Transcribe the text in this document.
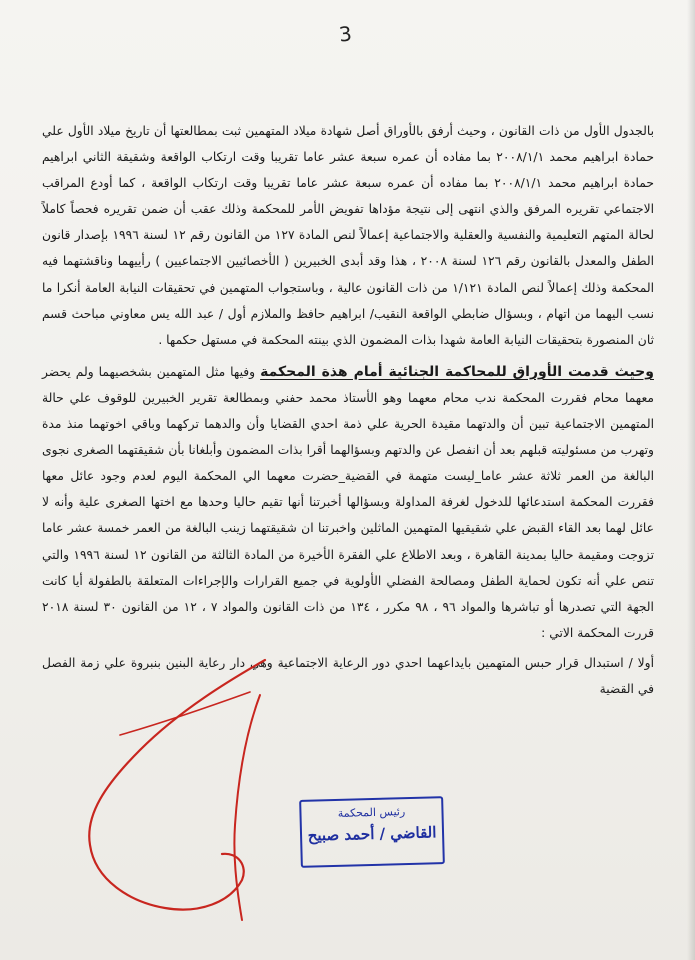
3

بالجدول الأول من ذات القانون ، وحيث أرفق بالأوراق أصل شهادة ميلاد المتهمين ثبت بمطالعتها أن تاريخ ميلاد الأول علي حمادة ابراهيم محمد ٢٠٠٨/١/١ بما مفاده أن عمره سبعة عشر عاما تقريبا وقت ارتكاب الواقعة وشقيقة الثاني ابراهيم حمادة ابراهيم محمد ٢٠٠٨/١/١ بما مفاده أن عمره سبعة عشر عاما تقريبا وقت ارتكاب الواقعة ، كما أودع المراقب الاجتماعي تقريره المرفق والذي انتهى إلى نتيجة مؤداها تفويض الأمر للمحكمة وذلك عقب أن ضمن تقريره فحصاً كاملاً لحالة المتهم التعليمية والنفسية والعقلية والاجتماعية إعمالاً لنص المادة ١٢٧ من القانون رقم ١٢ لسنة ١٩٩٦ بإصدار قانون الطفل والمعدل بالقانون رقم ١٢٦ لسنة ٢٠٠٨ ، هذا وقد أبدى الخبيرين ( الأخصائيين الاجتماعيين ) رأييهما وناقشتهما فيه المحكمة وذلك إعمالاً لنص المادة ١/١٢١ من ذات القانون عالية ، وباستجواب المتهمين في تحقيقات النيابة العامة أنكرا ما نسب اليهما من اتهام ، وبسؤال ضابطي الواقعة النقيب/ ابراهيم حافظ والملازم أول / عبد الله يس معاوني مباحث قسم ثان المنصورة بتحقيقات النيابة العامة شهدا بذات المضمون الذي بينته المحكمة في مستهل حكمها .

وحيث قدمت الأوراق للمحاكمة الجنائية أمام هذة المحكمة وفيها مثل المتهمين بشخصيهما ولم يحضر معهما محام فقررت المحكمة ندب محام معهما وهو الأستاذ محمد حفني وبمطالعة تقرير الخبيرين للوقوف علي حالة المتهمين الاجتماعية تبين أن والدتهما مقيدة الحرية علي ذمة احدي القضايا وأن والدهما تركهما وباقي اخوتهما منذ مدة وتهرب من مسئوليته قبلهم بعد أن انفصل عن والدتهم وبسؤالهما أقرا بذات المضمون وأبلغانا بأن شقيقتهما الصغرى نجوى البالغة من العمر ثلاثة عشر عاما_ليست متهمة في القضية_حضرت معهما الي المحكمة اليوم لعدم وجود عائل معها فقررت المحكمة استدعائها للدخول لغرفة المداولة وبسؤالها أخبرتنا أنها تقيم حاليا وحدها مع اختها الصغرى علية وأنه لا عائل لهما بعد القاء القبض علي شقيقيها المتهمين الماثلين واخبرتنا ان شقيقتهما زينب البالغة من العمر خمسة عشر عاما تزوجت ومقيمة حاليا بمدينة القاهرة ، وبعد الاطلاع علي الفقرة الأخيرة من المادة الثالثة من القانون ١٢ لسنة ١٩٩٦ والتي تنص علي أنه تكون لحماية الطفل ومصالحة الفضلي الأولوية في جميع القرارات والإجراءات المتعلقة بالطفولة أيا كانت الجهة التي تصدرها أو تباشرها والمواد ٩٦ ، ٩٨ مكرر ، ١٣٤ من ذات القانون والمواد ٧ ، ١٢ من القانون ٣٠ لسنة ٢٠١٨ قررت المحكمة الاتي :

أولا / استبدال قرار حبس المتهمين بايداعهما احدي دور الرعاية الاجتماعية وهي دار رعاية البنين بنبروة علي زمة الفصل في القضية

رئيس المحكمة
القاضي / أحمد صبيح
